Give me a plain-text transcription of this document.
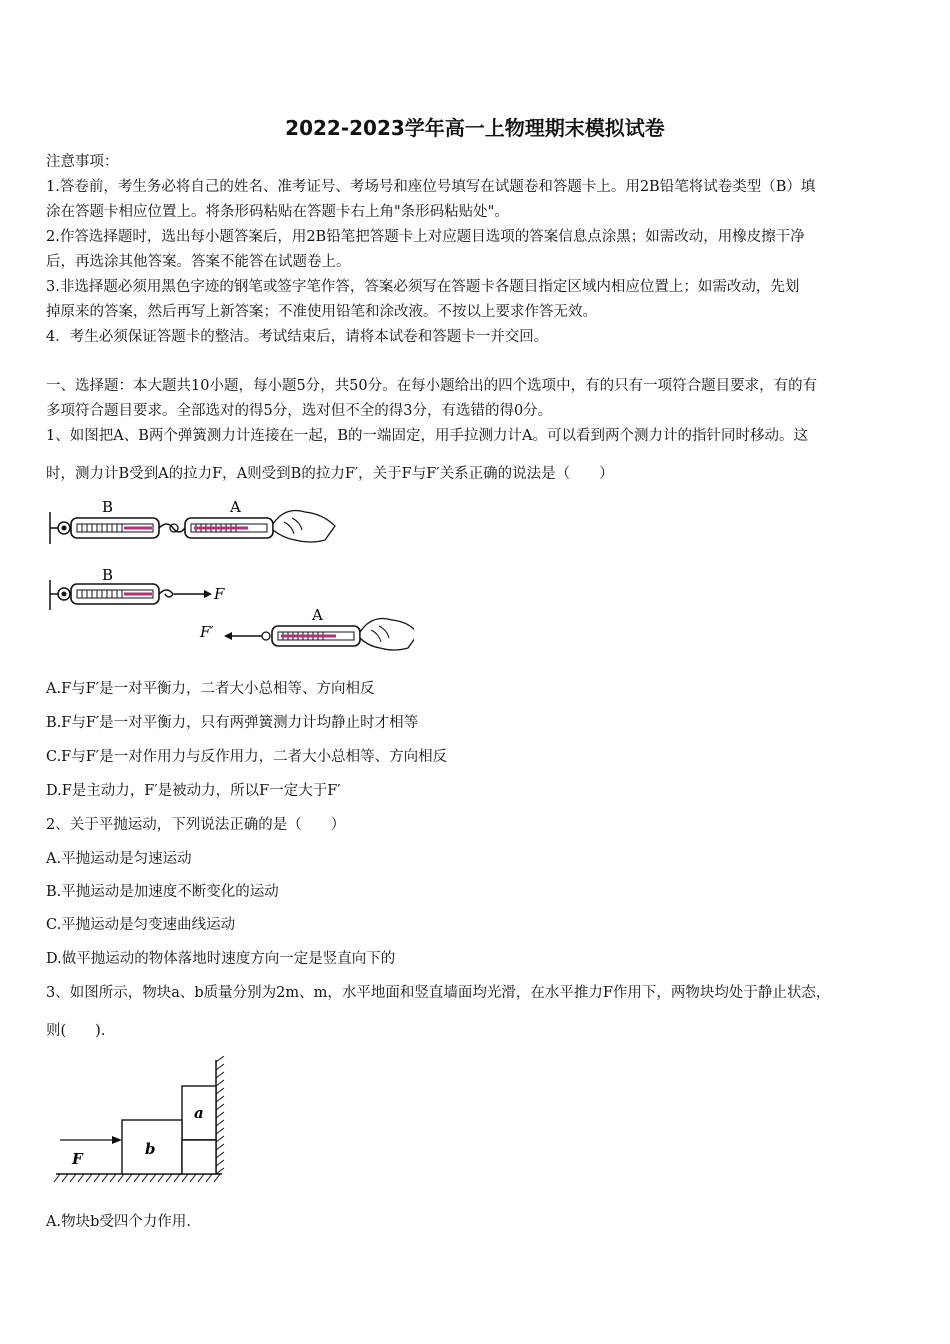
2022-2023学年高一上物理期末模拟试卷
注意事项：
1.答卷前，考生务必将自己的姓名、准考证号、考场号和座位号填写在试题卷和答题卡上。用2B铅笔将试卷类型（B）填
涂在答题卡相应位置上。将条形码粘贴在答题卡右上角"条形码粘贴处"。
2.作答选择题时，选出每小题答案后，用2B铅笔把答题卡上对应题目选项的答案信息点涂黑；如需改动，用橡皮擦干净
后，再选涂其他答案。答案不能答在试题卷上。
3.非选择题必须用黑色字迹的钢笔或签字笔作答，答案必须写在答题卡各题目指定区域内相应位置上；如需改动，先划
掉原来的答案，然后再写上新答案；不准使用铅笔和涂改液。不按以上要求作答无效。
4．考生必须保证答题卡的整洁。考试结束后，请将本试卷和答题卡一并交回。
一、选择题：本大题共10小题，每小题5分，共50分。在每小题给出的四个选项中，有的只有一项符合题目要求，有的有
多项符合题目要求。全部选对的得5分，选对但不全的得3分，有选错的得0分。
1、如图把A、B两个弹簧测力计连接在一起，B的一端固定，用手拉测力计A。可以看到两个测力计的指针同时移动。这
时，测力计B受到A的拉力F，A则受到B的拉力F′，关于F与F′关系正确的说法是（　　）
B	A
B
F
F′
A
A.F与F′是一对平衡力，二者大小总相等、方向相反
B.F与F′是一对平衡力，只有两弹簧测力计均静止时才相等
C.F与F′是一对作用力与反作用力，二者大小总相等、方向相反
D.F是主动力，F′是被动力，所以F一定大于F′
2、关于平抛运动，下列说法正确的是（　　）
A.平抛运动是匀速运动
B.平抛运动是加速度不断变化的运动
C.平抛运动是匀变速曲线运动
D.做平抛运动的物体落地时速度方向一定是竖直向下的
3、如图所示，物块a、b质量分别为2m、m，水平地面和竖直墙面均光滑，在水平推力F作用下，两物块均处于静止状态，
则(　　).
a
b
F
A.物块b受四个力作用.
